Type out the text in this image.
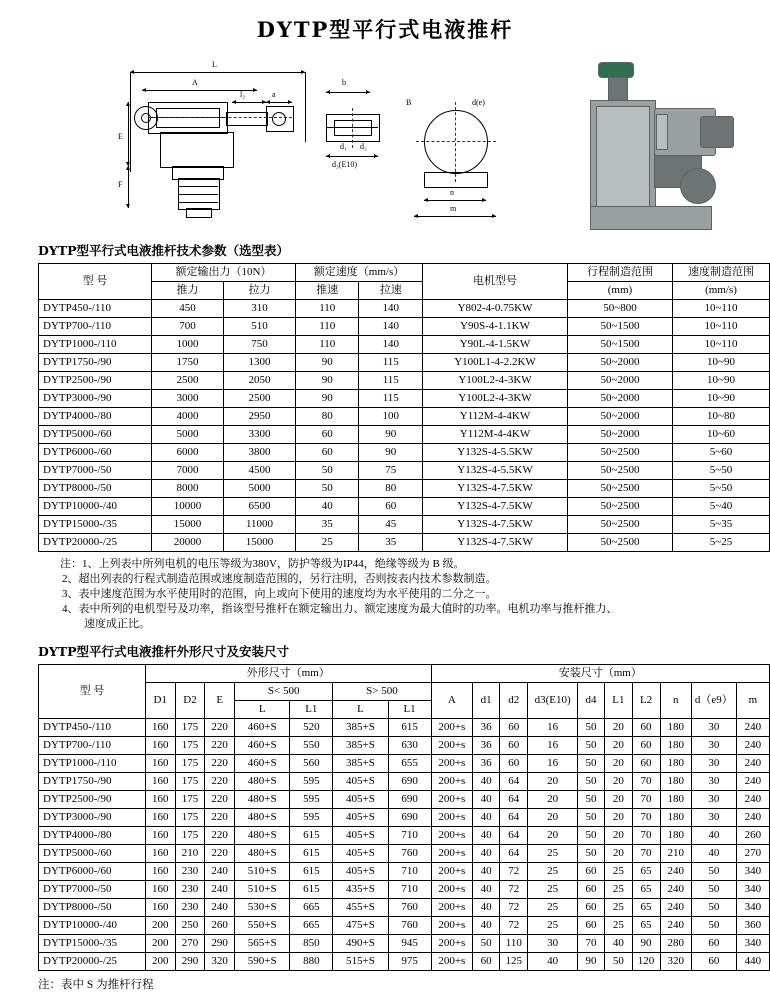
DYTP型平行式电液推杆

L
A
E
F
l₂	a
b
d₁ d₂
d₃(E10)
d(e)
n
m
B
DYTP型平行式电液推杆技术参数（选型表）
型 号	额定输出力（10N）		额定速度（mm/s）		电机型号	行程制造范围	速度制造范围
	推力	拉力	推速	拉速		(mm)	(mm/s)
DYTP450-/110	450	310	110	140	Y802-4-0.75KW	50~800	10~110
DYTP700-/110	700	510	110	140	Y90S-4-1.1KW	50~1500	10~110
DYTP1000-/110	1000	750	110	140	Y90L-4-1.5KW	50~1500	10~110
DYTP1750-/90	1750	1300	90	115	Y100L1-4-2.2KW	50~2000	10~90
DYTP2500-/90	2500	2050	90	115	Y100L2-4-3KW	50~2000	10~90
DYTP3000-/90	3000	2500	90	115	Y100L2-4-3KW	50~2000	10~90
DYTP4000-/80	4000	2950	80	100	Y112M-4-4KW	50~2000	10~80
DYTP5000-/60	5000	3300	60	90	Y112M-4-4KW	50~2000	10~60
DYTP6000-/60	6000	3800	60	90	Y132S-4-5.5KW	50~2500	5~60
DYTP7000-/50	7000	4500	50	75	Y132S-4-5.5KW	50~2500	5~50
DYTP8000-/50	8000	5000	50	80	Y132S-4-7.5KW	50~2500	5~50
DYTP10000-/40	10000	6500	40	60	Y132S-4-7.5KW	50~2500	5~40
DYTP15000-/35	15000	11000	35	45	Y132S-4-7.5KW	50~2500	5~35
DYTP20000-/25	20000	15000	25	35	Y132S-4-7.5KW	50~2500	5~25
注：1、上列表中所列电机的电压等级为380V，防护等级为IP44，绝缘等级为 B 级。
2、超出列表的行程式制造范围或速度制造范围的，另行注明，否则按表内技术参数制造。
3、表中速度范围为水平使用时的范围，向上或向下使用的速度均为水平使用的二分之一。
4、表中所列的电机型号及功率，指该型号推杆在额定输出力、额定速度为最大值时的功率。电机功率与推杆推力、
速度成正比。
DYTP型平行式电液推杆外形尺寸及安装尺寸
型 号	外形尺寸（mm）							安装尺寸（mm）									
	D1	D2	E	S< 500		S> 500		A	d1	d2	d3(E10)	d4	L1	L2	n	d（e9）	m
				L	L1	L	L1										
DYTP450-/110	160	175	220	460+S	520	385+S	615	200+s	36	60	16	50	20	60	180	30	240
DYTP700-/110	160	175	220	460+S	550	385+S	630	200+s	36	60	16	50	20	60	180	30	240
DYTP1000-/110	160	175	220	460+S	560	385+S	655	200+s	36	60	16	50	20	60	180	30	240
DYTP1750-/90	160	175	220	480+S	595	405+S	690	200+s	40	64	20	50	20	70	180	30	240
DYTP2500-/90	160	175	220	480+S	595	405+S	690	200+s	40	64	20	50	20	70	180	30	240
DYTP3000-/90	160	175	220	480+S	595	405+S	690	200+s	40	64	20	50	20	70	180	30	240
DYTP4000-/80	160	175	220	480+S	615	405+S	710	200+s	40	64	20	50	20	70	180	40	260
DYTP5000-/60	160	210	220	480+S	615	405+S	760	200+s	40	64	25	50	20	70	210	40	270
DYTP6000-/60	160	230	240	510+S	615	405+S	710	200+s	40	72	25	60	25	65	240	50	340
DYTP7000-/50	160	230	240	510+S	615	435+S	710	200+s	40	72	25	60	25	65	240	50	340
DYTP8000-/50	160	230	240	530+S	665	455+S	760	200+s	40	72	25	60	25	65	240	50	340
DYTP10000-/40	200	250	260	550+S	665	475+S	760	200+s	40	72	25	60	25	65	240	50	360
DYTP15000-/35	200	270	290	565+S	850	490+S	945	200+s	50	110	30	70	40	90	280	60	340
DYTP20000-/25	200	290	320	590+S	880	515+S	975	200+s	60	125	40	90	50	120	320	60	440
注：表中 S 为推杆行程
